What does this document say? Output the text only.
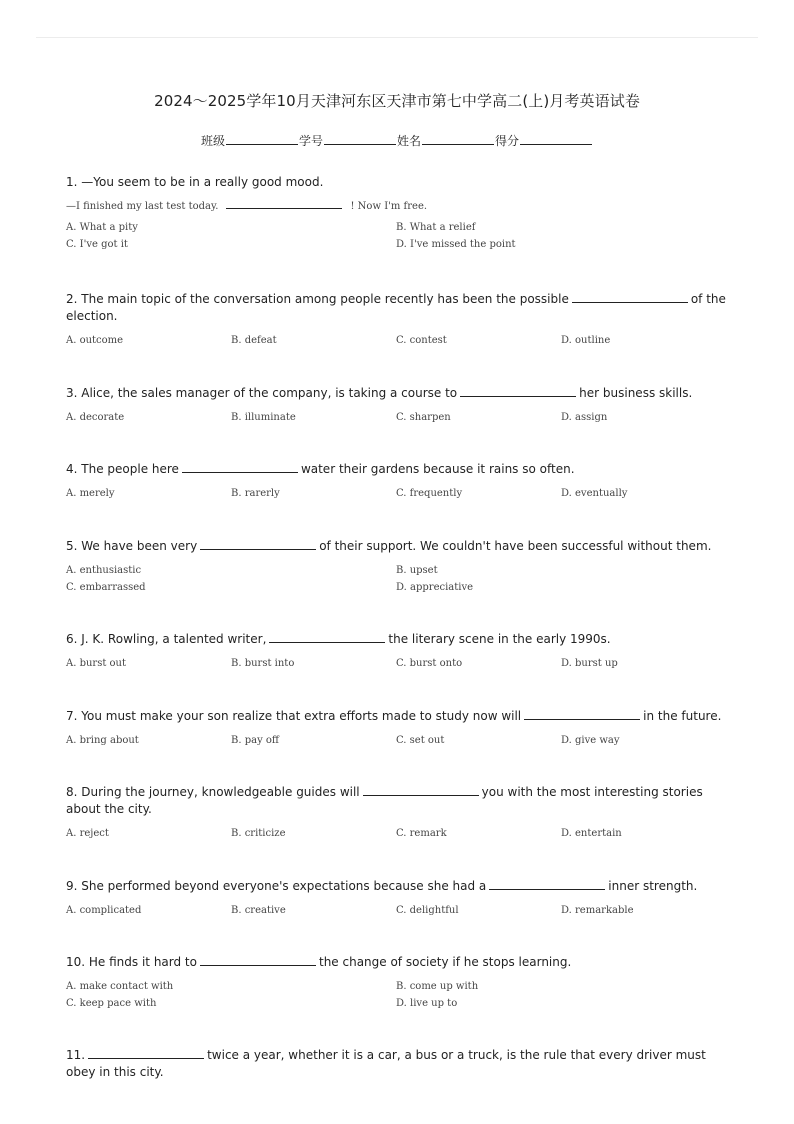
2024～2025学年10月天津河东区天津市第七中学高二(上)月考英语试卷
班级	学号	姓名	得分
1. —You seem to be in a really good mood.
—I finished my last test today.	! Now I'm free.
A. What a pity	B. What a relief
C. I've got it	D. I've missed the point
2. The main topic of the conversation among people recently has been the possible	of the election.
A. outcome	B. defeat	C. contest	D. outline
3. Alice, the sales manager of the company, is taking a course to	her business skills.
A. decorate	B. illuminate	C. sharpen	D. assign
4. The people here	water their gardens because it rains so often.
A. merely	B. rarerly	C. frequently	D. eventually
5. We have been very	of their support. We couldn't have been successful without them.
A. enthusiastic	B. upset
C. embarrassed	D. appreciative
6. J. K. Rowling, a talented writer,	the literary scene in the early 1990s.
A. burst out	B. burst into	C. burst onto	D. burst up
7. You must make your son realize that extra efforts made to study now will	in the future.
A. bring about	B. pay off	C. set out	D. give way
8. During the journey, knowledgeable guides will	you with the most interesting stories about the city.
A. reject	B. criticize	C. remark	D. entertain
9. She performed beyond everyone's expectations because she had a	inner strength.
A. complicated	B. creative	C. delightful	D. remarkable
10. He finds it hard to	the change of society if he stops learning.
A. make contact with	B. come up with
C. keep pace with	D. live up to
11.	twice a year, whether it is a car, a bus or a truck, is the rule that every driver must obey in this city.
